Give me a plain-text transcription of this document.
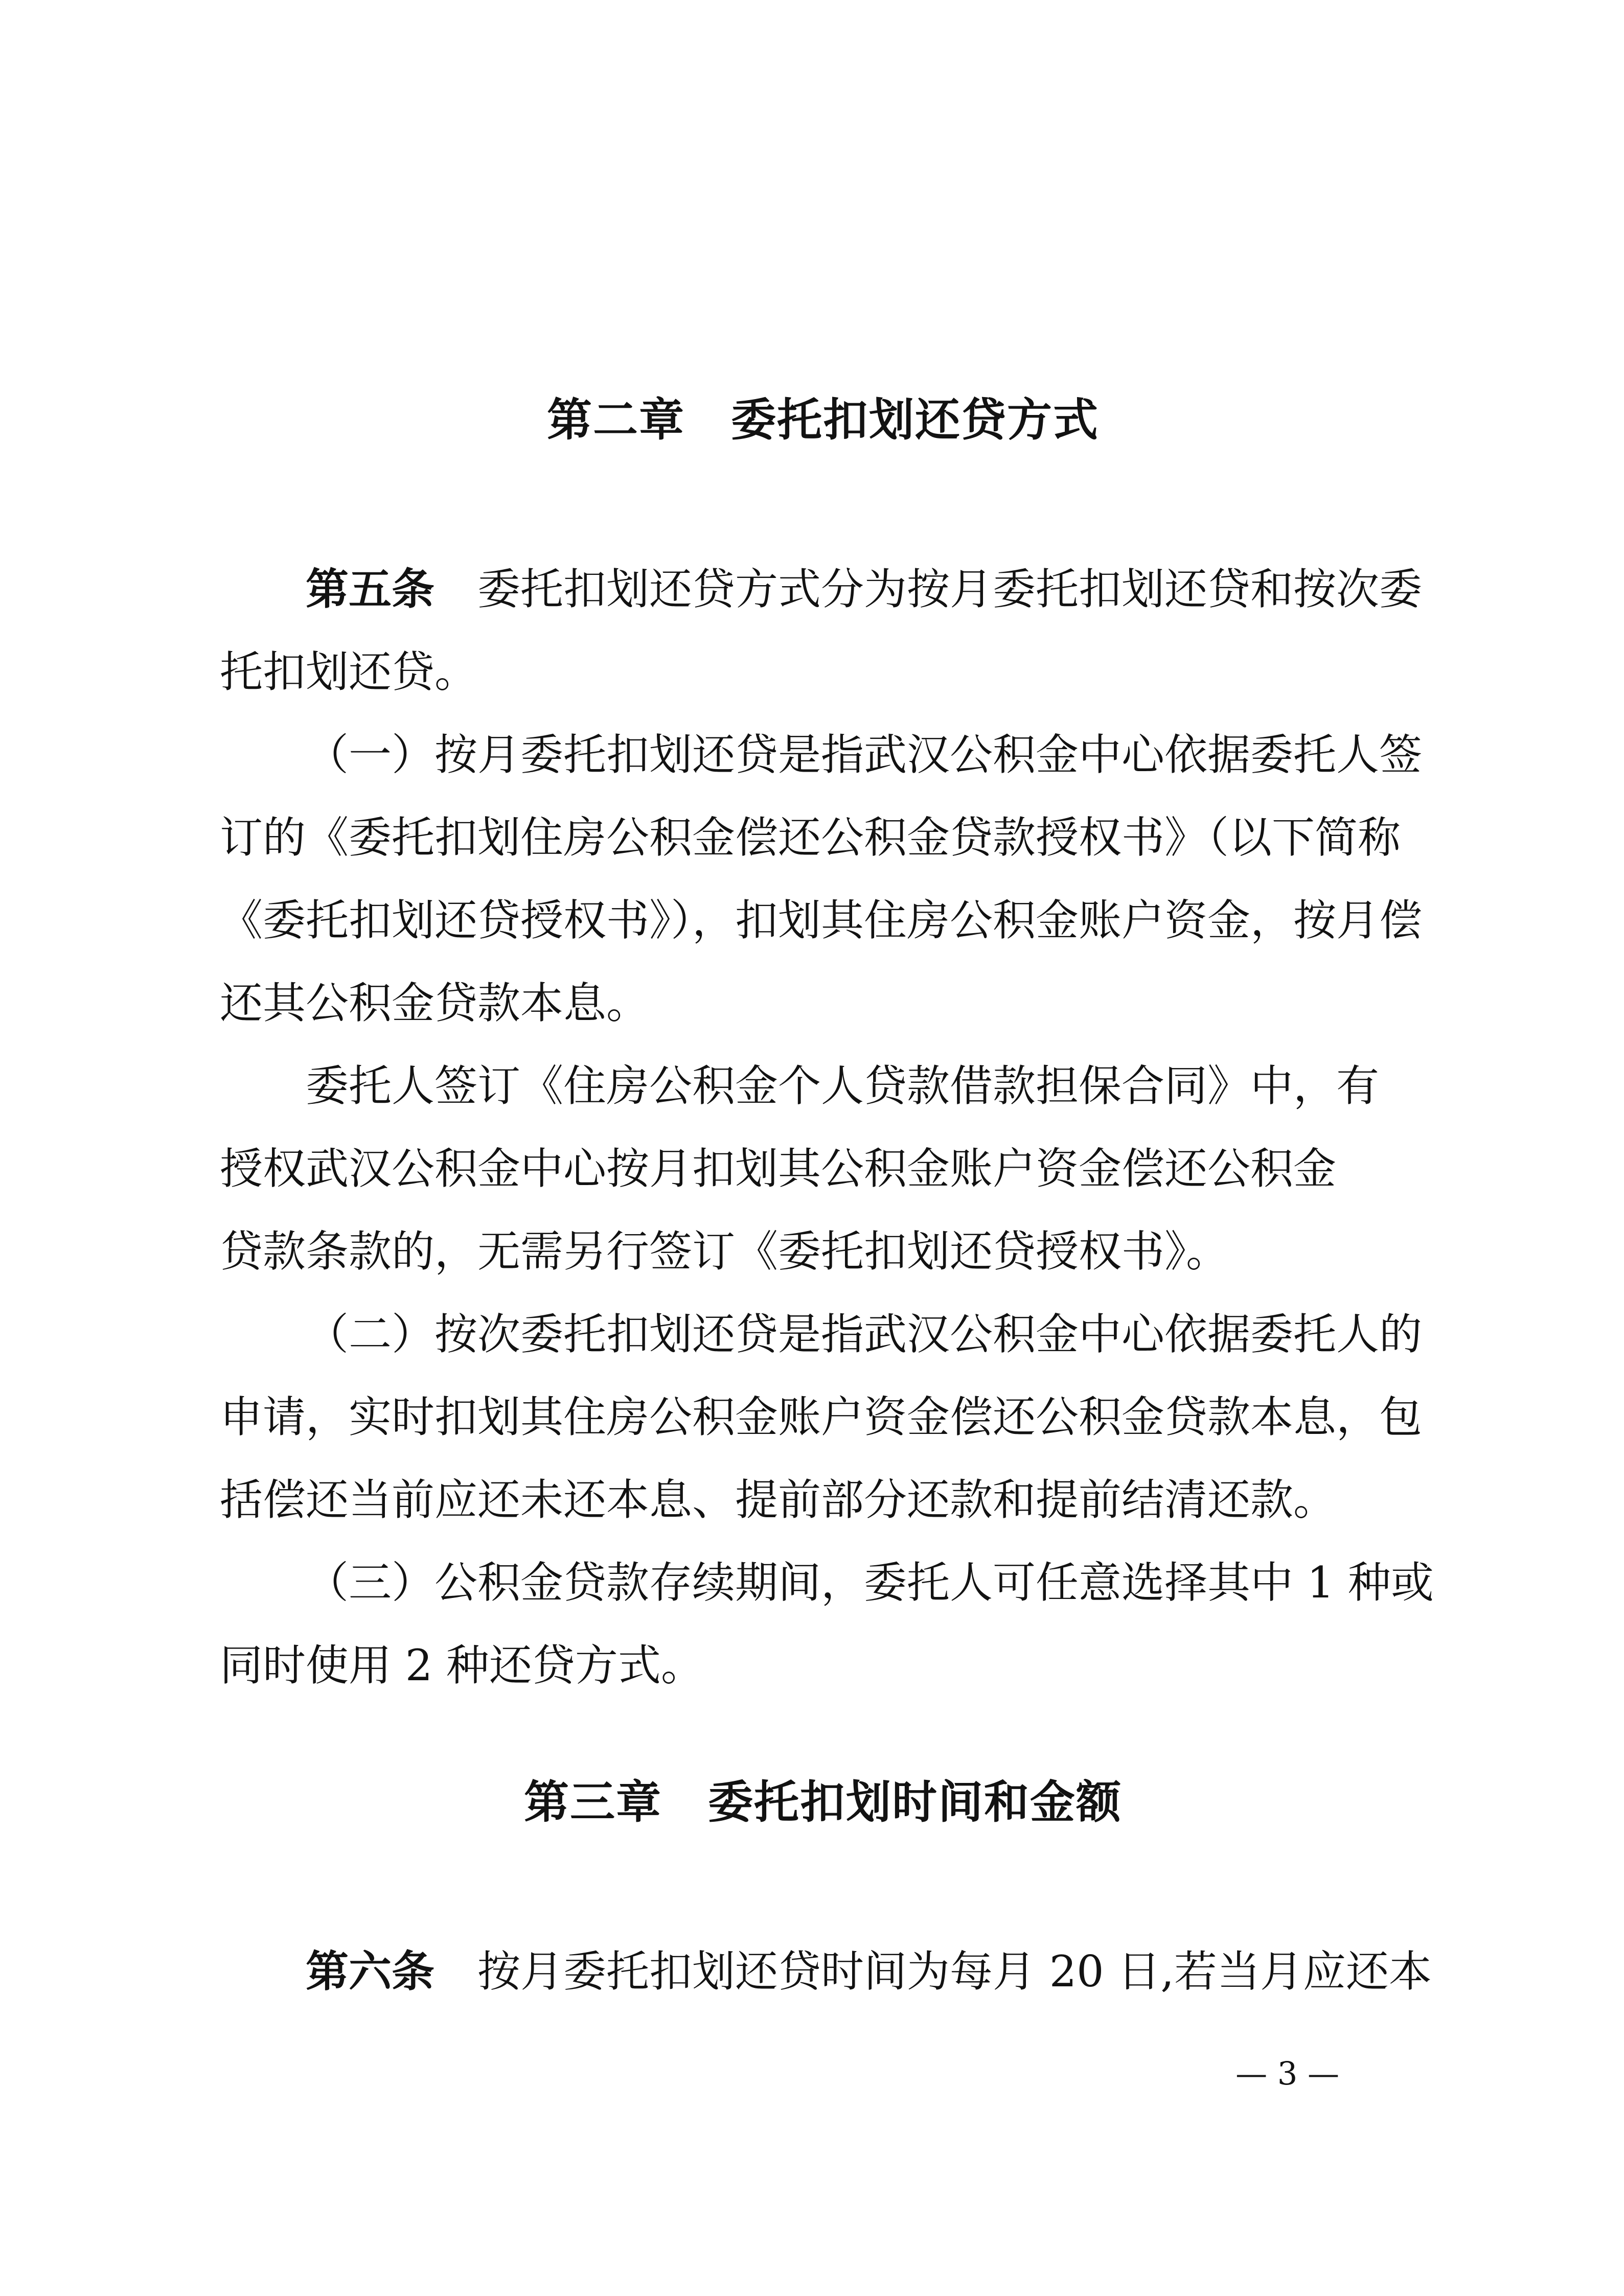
第二章　委托扣划还贷方式
第五条　委托扣划还贷方式分为按月委托扣划还贷和按次委
托扣划还贷。
（一）按月委托扣划还贷是指武汉公积金中心依据委托人签
订的《委托扣划住房公积金偿还公积金贷款授权书》（以下简称
《委托扣划还贷授权书》），扣划其住房公积金账户资金，按月偿
还其公积金贷款本息。
委托人签订《住房公积金个人贷款借款担保合同》中，有
授权武汉公积金中心按月扣划其公积金账户资金偿还公积金
贷款条款的，无需另行签订《委托扣划还贷授权书》。
（二）按次委托扣划还贷是指武汉公积金中心依据委托人的
申请，实时扣划其住房公积金账户资金偿还公积金贷款本息，包
括偿还当前应还未还本息、提前部分还款和提前结清还款。
（三）公积金贷款存续期间，委托人可任意选择其中 1 种或
同时使用 2 种还贷方式。
第三章　委托扣划时间和金额
第六条　按月委托扣划还贷时间为每月 20 日,若当月应还本
— 3 —
